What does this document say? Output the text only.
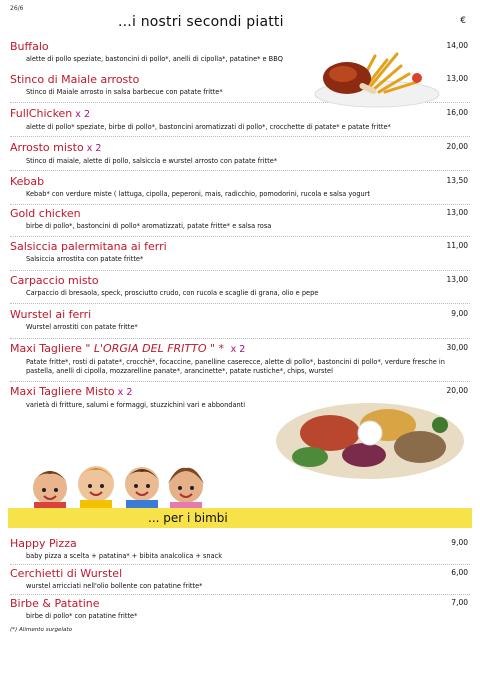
26/6
...i nostri secondi piatti	€
Buffalo
alette di pollo speziate, bastoncini di pollo*, anelli di cipolla*, patatine* e BBQ
14,00
Stinco di Maiale arrosto
Stinco di Maiale arrosto in salsa barbecue con patate fritte*
13,00
FullChicken x 2
alette di pollo* speziate, birbe di pollo*, bastoncini aromatizzati di pollo*, crocchette di patate* e patate fritte*
16,00
Arrosto misto x 2
Stinco di maiale, alette di pollo, salsiccia e wurstel arrosto con patate fritte*
20,00
Kebab
Kebab* con verdure miste ( lattuga, cipolla, peperoni, mais, radicchio, pomodorini, rucola e salsa yogurt
13,50
Gold chicken
birbe di pollo*, bastoncini di pollo* aromatizzati, patate fritte* e salsa rosa
13,00
Salsiccia palermitana ai ferri
Salsiccia arrostita con patate fritte*
11,00
Carpaccio misto
Carpaccio di bresaola, speck, prosciutto crudo, con rucola e scaglie di grana, olio e pepe
13,00
Wurstel ai ferri
Wurstel arrostiti con patate fritte*
9,00
Maxi Tagliere " L'ORGIA DEL FRITTO " * x 2
Patate fritte*, rosti di patate*, crocchè*, focaccine, panelline caserecce, alette di pollo*, bastoncini di pollo*, verdure fresche in pastella, anelli di cipolla, mozzarelline panate*, arancinette*, patate rustiche*, chips, wurstel
30,00
Maxi Tagliere Misto x 2
varietà di fritture, salumi e formaggi, stuzzichini vari e abbondanti
20,00
... per i bimbi
Happy Pizza
baby pizza a scelta + patatina* + bibita analcolica + snack
9,00
Cerchietti di Wurstel
wurstel arricciati nell'olio bollente con patatine fritte*
6,00
Birbe & Patatine
birbe di pollo* con patatine fritte*
7,00
(*) Alimento surgelato
